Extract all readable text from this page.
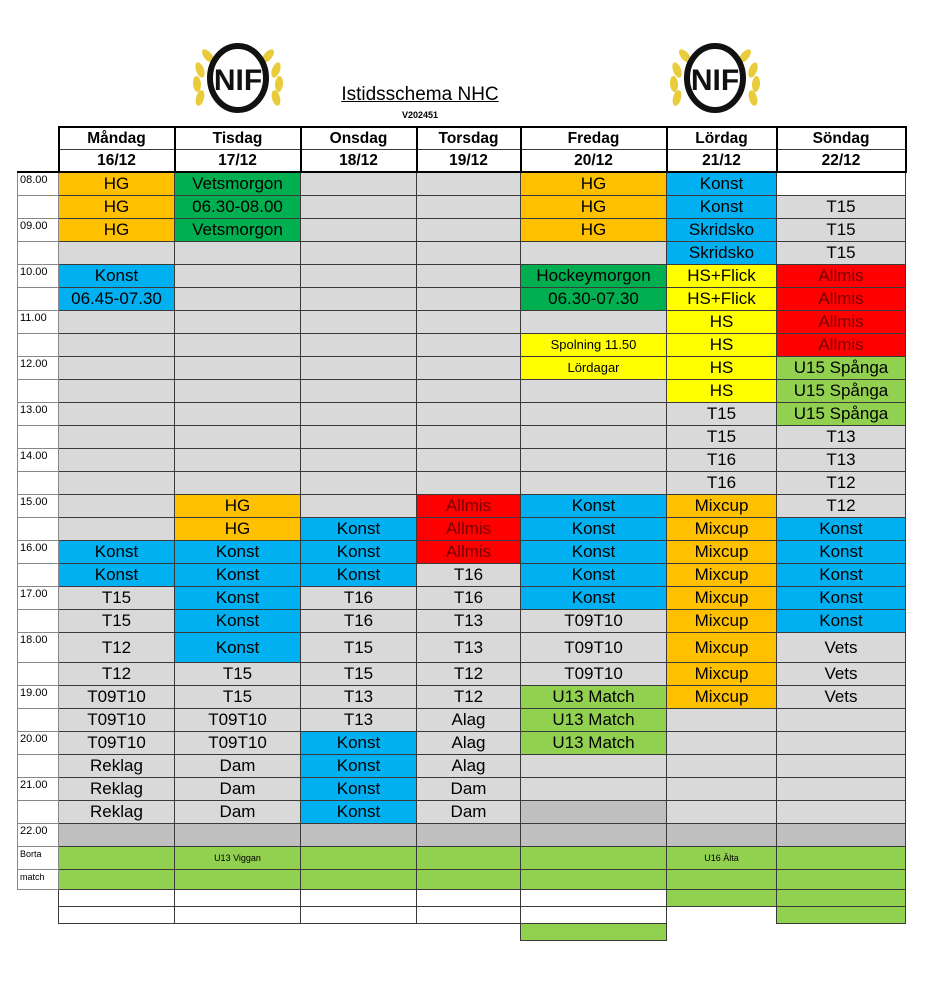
NIF	NIF
Istidsschema NHC
V202451
	Måndag	Tisdag	Onsdag	Torsdag	Fredag	Lördag	Söndag
	16/12	17/12	18/12	19/12	20/12	21/12	22/12
08.00	HG	Vetsmorgon			HG	Konst	
	HG	06.30-08.00			HG	Konst	T15
09.00	HG	Vetsmorgon			HG	Skridsko	T15
						Skridsko	T15
10.00	Konst				Hockeymorgon	HS+Flick	Allmis
	06.45-07.30				06.30-07.30	HS+Flick	Allmis
11.00						HS	Allmis
					Spolning 11.50	HS	Allmis
12.00					Lördagar	HS	U15 Spånga
						HS	U15 Spånga
13.00						T15	U15 Spånga
						T15	T13
14.00						T16	T13
						T16	T12
15.00		HG		Allmis	Konst	Mixcup	T12
		HG	Konst	Allmis	Konst	Mixcup	Konst
16.00	Konst	Konst	Konst	Allmis	Konst	Mixcup	Konst
	Konst	Konst	Konst	T16	Konst	Mixcup	Konst
17.00	T15	Konst	T16	T16	Konst	Mixcup	Konst
	T15	Konst	T16	T13	T09T10	Mixcup	Konst
18.00	T12	Konst	T15	T13	T09T10	Mixcup	Vets
	T12	T15	T15	T12	T09T10	Mixcup	Vets
19.00	T09T10	T15	T13	T12	U13 Match	Mixcup	Vets
	T09T10	T09T10	T13	Alag	U13 Match		
20.00	T09T10	T09T10	Konst	Alag	U13 Match		
	Reklag	Dam	Konst	Alag			
21.00	Reklag	Dam	Konst	Dam			
	Reklag	Dam	Konst	Dam			
22.00							
Borta		U13 Viggan				U16 Älta	
match							
